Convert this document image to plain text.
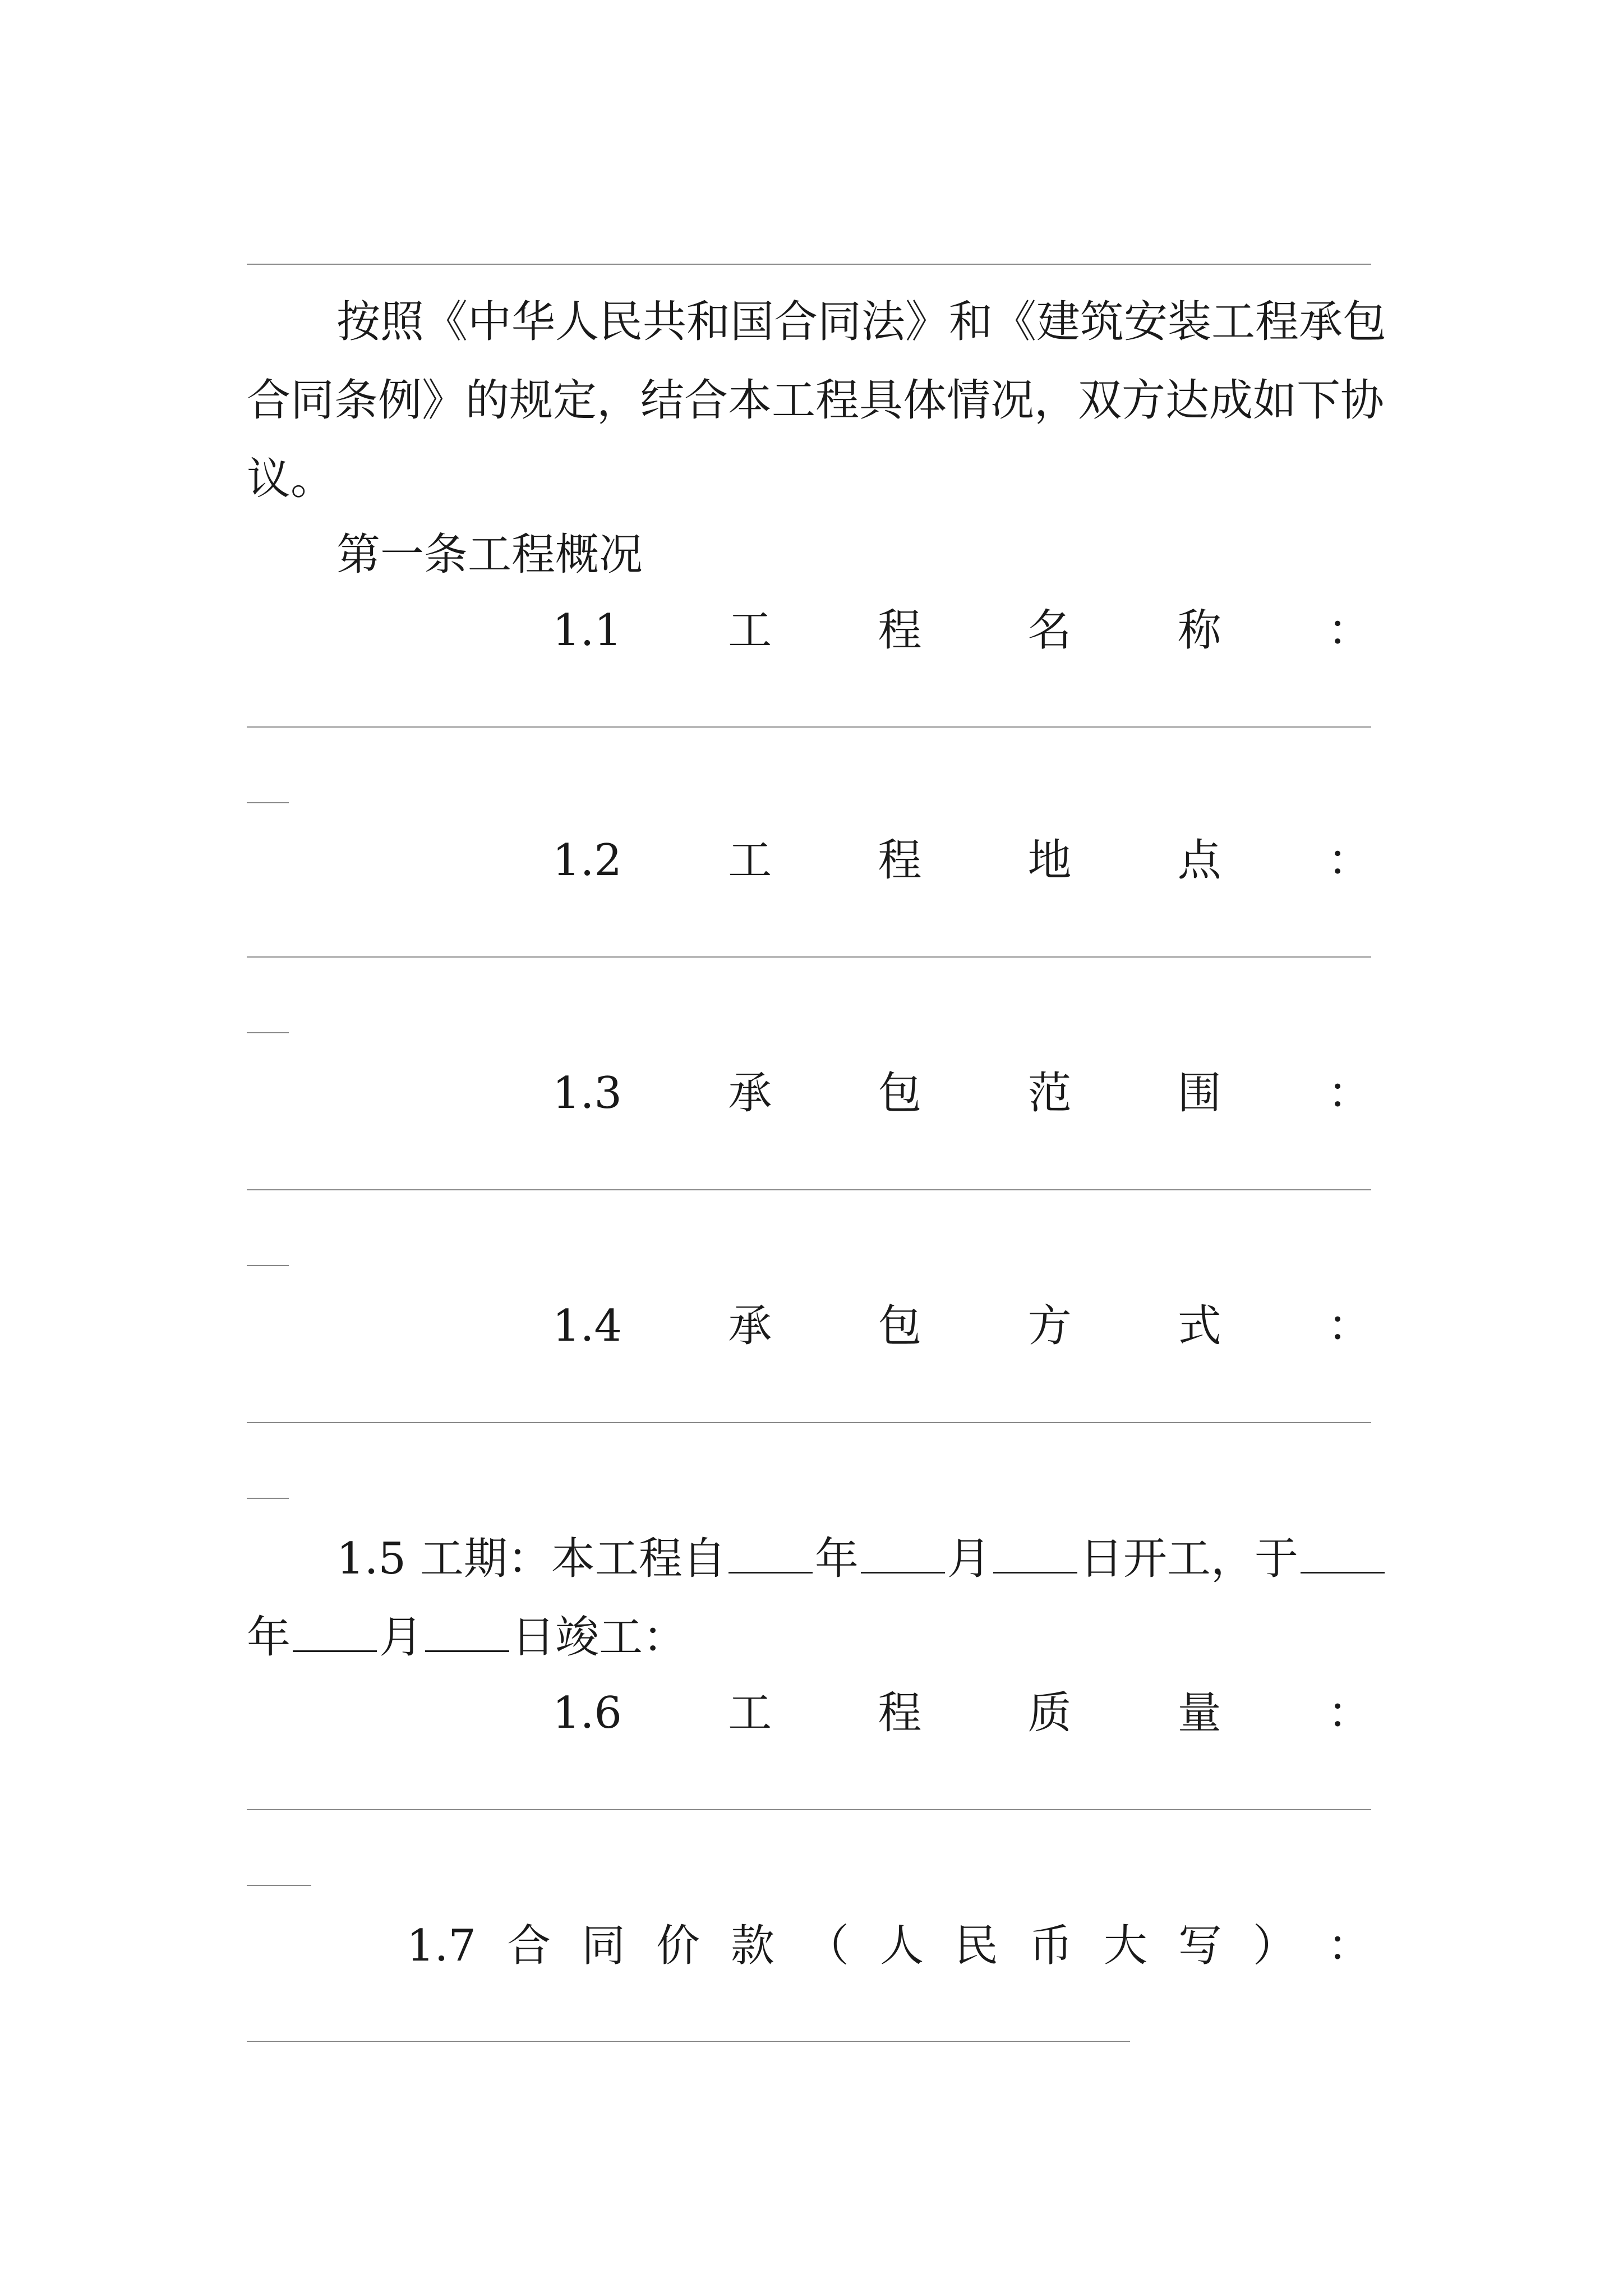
按照《中华人民共和国合同法》和《建筑安装工程承包
合同条例》的规定，结合本工程具体情况，双方达成如下协
议。
第一条工程概况
1.1 工 程 名 称 ：
1.2 工 程 地 点 ：
1.3 承 包 范 围 ：
1.4 承 包 方 式 ：
1.5 工期：本工程自 年 月 日开工，于
年 月 日竣工：
1.6 工 程 质 量 ：
1.7 合 同 价 款 （ 人 民 币 大 写 ） ：
